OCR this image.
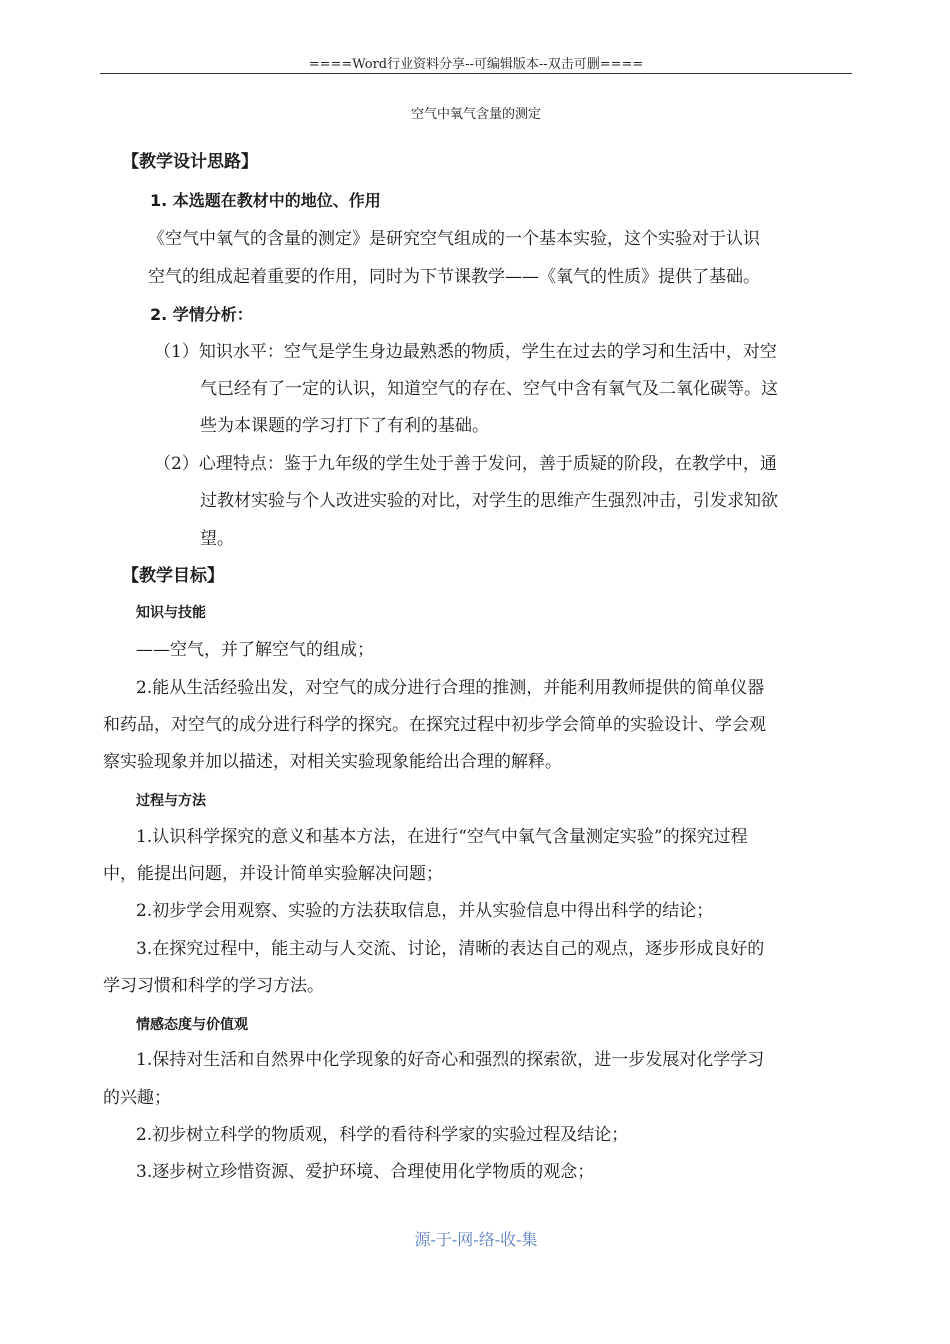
====Word行业资料分享--可编辑版本--双击可删====
空气中氧气含量的测定
【教学设计思路】
1. 本选题在教材中的地位、作用
《空气中氧气的含量的测定》是研究空气组成的一个基本实验，这个实验对于认识
空气的组成起着重要的作用，同时为下节课教学——《氧气的性质》提供了基础。
2. 学情分析：
（1）知识水平：空气是学生身边最熟悉的物质，学生在过去的学习和生活中，对空
气已经有了一定的认识，知道空气的存在、空气中含有氧气及二氧化碳等。这
些为本课题的学习打下了有利的基础。
（2）心理特点：鉴于九年级的学生处于善于发问，善于质疑的阶段，在教学中，通
过教材实验与个人改进实验的对比，对学生的思维产生强烈冲击，引发求知欲
望。
【教学目标】
知识与技能
——空气，并了解空气的组成；
2.能从生活经验出发，对空气的成分进行合理的推测，并能利用教师提供的简单仪器
和药品，对空气的成分进行科学的探究。在探究过程中初步学会简单的实验设计、学会观
察实验现象并加以描述，对相关实验现象能给出合理的解释。
过程与方法
1.认识科学探究的意义和基本方法，在进行“空气中氧气含量测定实验”的探究过程
中，能提出问题，并设计简单实验解决问题；
2.初步学会用观察、实验的方法获取信息，并从实验信息中得出科学的结论；
3.在探究过程中，能主动与人交流、讨论，清晰的表达自己的观点，逐步形成良好的
学习习惯和科学的学习方法。
情感态度与价值观
1.保持对生活和自然界中化学现象的好奇心和强烈的探索欲，进一步发展对化学学习
的兴趣；
2.初步树立科学的物质观，科学的看待科学家的实验过程及结论；
3.逐步树立珍惜资源、爱护环境、合理使用化学物质的观念；
源-于-网-络-收-集
